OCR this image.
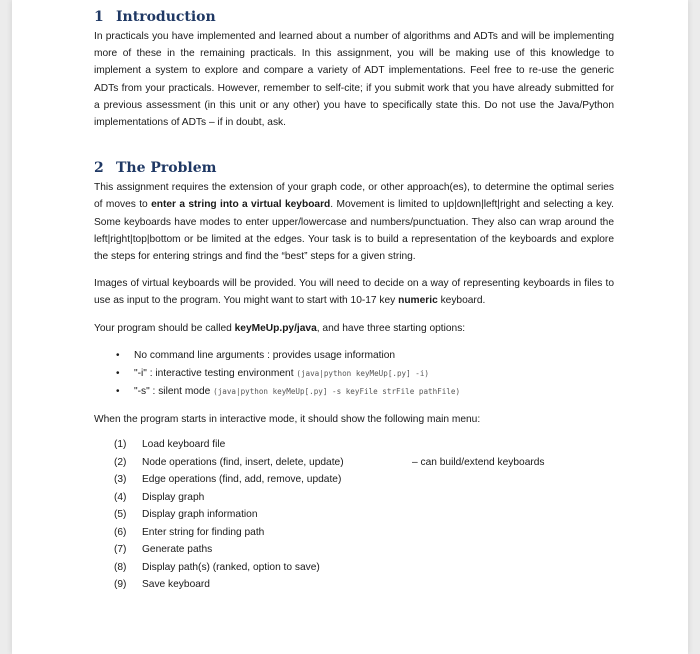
1 Introduction

In practicals you have implemented and learned about a number of algorithms and ADTs and will be implementing more of these in the remaining practicals. In this assignment, you will be making use of this knowledge to implement a system to explore and compare a variety of ADT implementations. Feel free to re-use the generic ADTs from your practicals. However, remember to self-cite; if you submit work that you have already submitted for a previous assessment (in this unit or any other) you have to specifically state this. Do not use the Java/Python implementations of ADTs – if in doubt, ask.

2 The Problem

This assignment requires the extension of your graph code, or other approach(es), to determine the optimal series of moves to enter a string into a virtual keyboard. Movement is limited to up|down|left|right and selecting a key. Some keyboards have modes to enter upper/lowercase and numbers/punctuation. They also can wrap around the left|right|top|bottom or be limited at the edges. Your task is to build a representation of the keyboards and explore the steps for entering strings and find the “best” steps for a given string.

Images of virtual keyboards will be provided. You will need to decide on a way of representing keyboards in files to use as input to the program. You might want to start with 10-17 key numeric keyboard.

Your program should be called keyMeUp.py/java, and have three starting options:

• No command line arguments : provides usage information
• "-i" : interactive testing environment (java|python keyMeUp[.py] -i)
• "-s" : silent mode (java|python keyMeUp[.py] -s keyFile strFile pathFile)

When the program starts in interactive mode, it should show the following main menu:

(1) Load keyboard file
(2) Node operations (find, insert, delete, update)	– can build/extend keyboards
(3) Edge operations (find, add, remove, update)
(4) Display graph
(5) Display graph information
(6) Enter string for finding path
(7) Generate paths
(8) Display path(s) (ranked, option to save)
(9) Save keyboard
